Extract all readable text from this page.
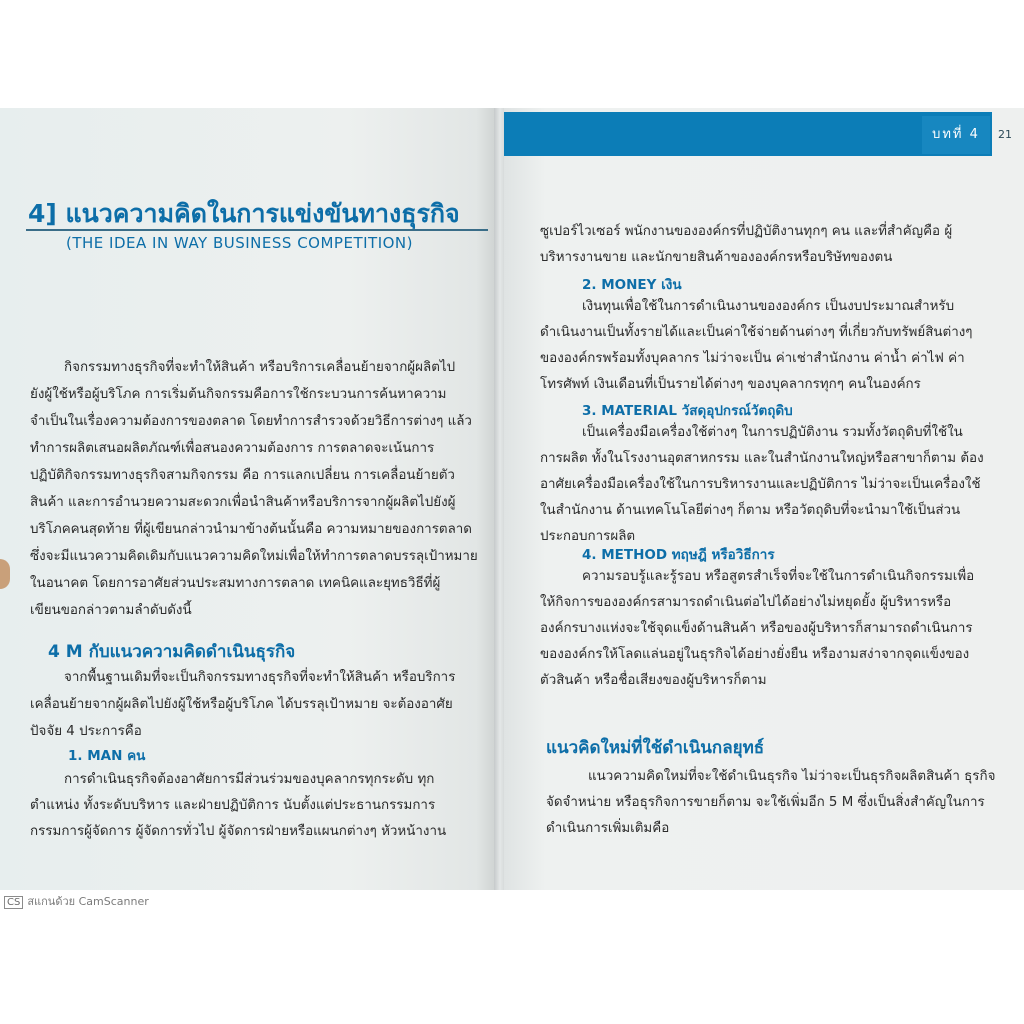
4] แนวความคิดในการแข่งขันทางธุรกิจ
(THE IDEA IN WAY BUSINESS COMPETITION)
กิจกรรมทางธุรกิจที่จะทำให้สินค้า หรือบริการเคลื่อนย้ายจากผู้ผลิตไป
ยังผู้ใช้หรือผู้บริโภค การเริ่มต้นกิจกรรมคือการใช้กระบวนการค้นหาความ
จำเป็นในเรื่องความต้องการของตลาด โดยทำการสำรวจด้วยวิธีการต่างๆ แล้ว
ทำการผลิตเสนอผลิตภัณฑ์เพื่อสนองความต้องการ การตลาดจะเน้นการ
ปฏิบัติกิจกรรมทางธุรกิจสามกิจกรรม คือ การแลกเปลี่ยน การเคลื่อนย้ายตัว
สินค้า และการอำนวยความสะดวกเพื่อนำสินค้าหรือบริการจากผู้ผลิตไปยังผู้
บริโภคคนสุดท้าย ที่ผู้เขียนกล่าวนำมาข้างต้นนั้นคือ ความหมายของการตลาด
ซึ่งจะมีแนวความคิดเดิมกับแนวความคิดใหม่เพื่อให้ทำการตลาดบรรลุเป้าหมาย
ในอนาคต โดยการอาศัยส่วนประสมทางการตลาด เทคนิคและยุทธวิธีที่ผู้
เขียนขอกล่าวตามลำดับดังนี้
4 M กับแนวความคิดดำเนินธุรกิจ
จากพื้นฐานเดิมที่จะเป็นกิจกรรมทางธุรกิจที่จะทำให้สินค้า หรือบริการ
เคลื่อนย้ายจากผู้ผลิตไปยังผู้ใช้หรือผู้บริโภค ได้บรรลุเป้าหมาย จะต้องอาศัย
ปัจจัย 4 ประการคือ
1. MAN คน
การดำเนินธุรกิจต้องอาศัยการมีส่วนร่วมของบุคลากรทุกระดับ ทุก
ตำแหน่ง ทั้งระดับบริหาร และฝ่ายปฏิบัติการ นับตั้งแต่ประธานกรรมการ
กรรมการผู้จัดการ ผู้จัดการทั่วไป ผู้จัดการฝ่ายหรือแผนกต่างๆ หัวหน้างาน
บทที่ 4	21
ซูเปอร์ไวเซอร์ พนักงานขององค์กรที่ปฏิบัติงานทุกๆ คน และที่สำคัญคือ ผู้
บริหารงานขาย และนักขายสินค้าขององค์กรหรือบริษัทของตน
2. MONEY เงิน
เงินทุนเพื่อใช้ในการดำเนินงานขององค์กร เป็นงบประมาณสำหรับ
ดำเนินงานเป็นทั้งรายได้และเป็นค่าใช้จ่ายด้านต่างๆ ที่เกี่ยวกับทรัพย์สินต่างๆ
ขององค์กรพร้อมทั้งบุคลากร ไม่ว่าจะเป็น ค่าเช่าสำนักงาน ค่าน้ำ ค่าไฟ ค่า
โทรศัพท์ เงินเดือนที่เป็นรายได้ต่างๆ ของบุคลากรทุกๆ คนในองค์กร
3. MATERIAL วัสดุอุปกรณ์วัตถุดิบ
เป็นเครื่องมือเครื่องใช้ต่างๆ ในการปฏิบัติงาน รวมทั้งวัตถุดิบที่ใช้ใน
การผลิต ทั้งในโรงงานอุตสาหกรรม และในสำนักงานใหญ่หรือสาขาก็ตาม ต้อง
อาศัยเครื่องมือเครื่องใช้ในการบริหารงานและปฏิบัติการ ไม่ว่าจะเป็นเครื่องใช้
ในสำนักงาน ด้านเทคโนโลยีต่างๆ ก็ตาม หรือวัตถุดิบที่จะนำมาใช้เป็นส่วน
ประกอบการผลิต
4. METHOD ทฤษฎี หรือวิธีการ
ความรอบรู้และรู้รอบ หรือสูตรสำเร็จที่จะใช้ในการดำเนินกิจกรรมเพื่อ
ให้กิจการขององค์กรสามารถดำเนินต่อไปได้อย่างไม่หยุดยั้ง ผู้บริหารหรือ
องค์กรบางแห่งจะใช้จุดแข็งด้านสินค้า หรือของผู้บริหารก็สามารถดำเนินการ
ขององค์กรให้โลดแล่นอยู่ในธุรกิจได้อย่างยั่งยืน หรืองามสง่าจากจุดแข็งของ
ตัวสินค้า หรือชื่อเสียงของผู้บริหารก็ตาม
แนวคิดใหม่ที่ใช้ดำเนินกลยุทธ์
แนวความคิดใหม่ที่จะใช้ดำเนินธุรกิจ ไม่ว่าจะเป็นธุรกิจผลิตสินค้า ธุรกิจ
จัดจำหน่าย หรือธุรกิจการขายก็ตาม จะใช้เพิ่มอีก 5 M ซึ่งเป็นสิ่งสำคัญในการ
ดำเนินการเพิ่มเติมคือ
CS สแกนด้วย CamScanner
